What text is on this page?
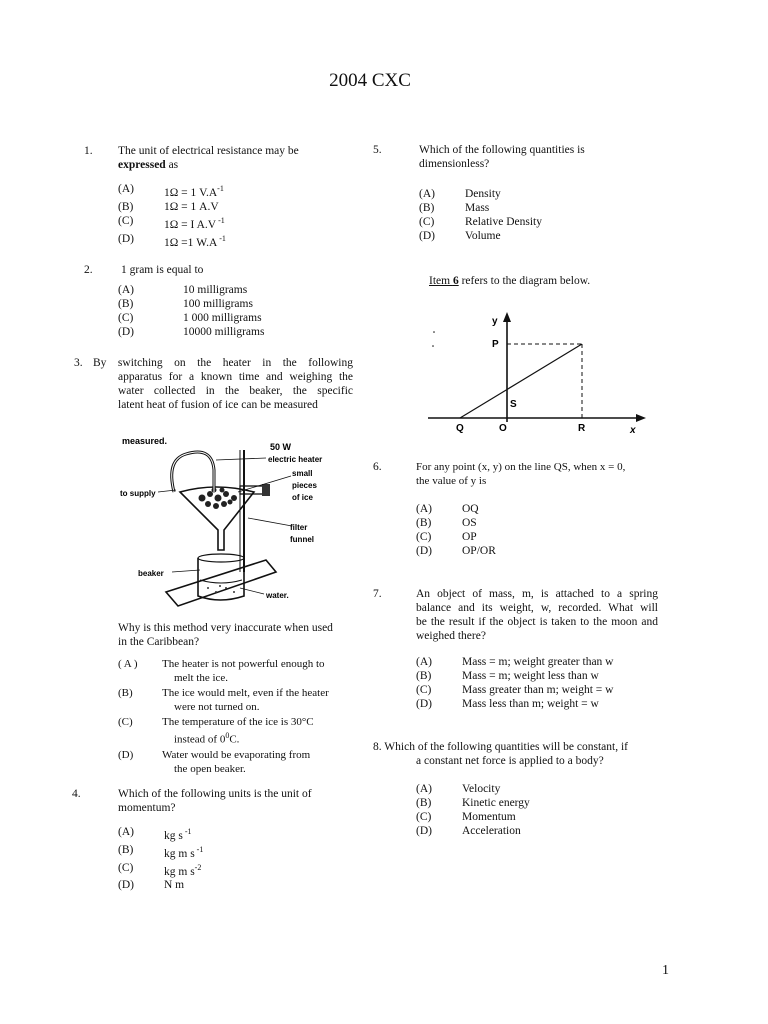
2004 CXC
1. The unit of electrical resistance may be
expressed as
(A)	1Ω = 1 $V.A^{-1}$
(B)	1Ω = 1 A.V
(C)	1Ω = I A.V $^{-1}$
(D)	1Ω =1 W.A $^{-1}$
2. 1 gram is equal to
(A)	10 milligrams
(B)	100 milligrams
(C)	1 000 milligrams
(D)	10000 milligrams
3. By switching on the heater in the following
apparatus for a known time and weighing the
water collected in the beaker, the specific
latent heat of fusion of ice can be measured
measured.
50 W
electric heater
to supply
small
pieces
of ice
filter
funnel
beaker
water.
Why is this method very inaccurate when used
in the Caribbean?
( A )	The heater is not powerful enough to
melt the ice.
(B)	The ice would melt, even if the heater
were not turned on.
(C)	The temperature of the ice is 30°C
instead of $0^0C$.
(D)	Water would be evaporating from
the open beaker.
4.	Which of the following units is the unit of
momentum?
(A)	kg s $^{-1}$
(B)	kg m s $^{-1}$
(C)	kg m $s^{-2}$
(D)	N m
5.	Which of the following quantities is
dimensionless?
(A)	Density
(B)	Mass
(C)	Relative Density
(D)	Volume
Item 6 refers to the diagram below.
y
P
S
Q	O	R	x
6.	For any point (x, y) on the line QS, when x = 0,
the value of y is
(A)	OQ
(B)	OS
(C)	OP
(D)	OP/OR
7.	An object of mass, m, is attached to a spring
balance and its weight, w, recorded. What will
be the result if the object is taken to the moon and
weighed there?
(A)	Mass = m; weight greater than w
(B)	Mass = m; weight less than w
(C)	Mass greater than m; weight = w
(D)	Mass less than m; weight = w
8. Which of the following quantities will be constant, if
a constant net force is applied to a body?
(A)	Velocity
(B)	Kinetic energy
(C)	Momentum
(D)	Acceleration
1
